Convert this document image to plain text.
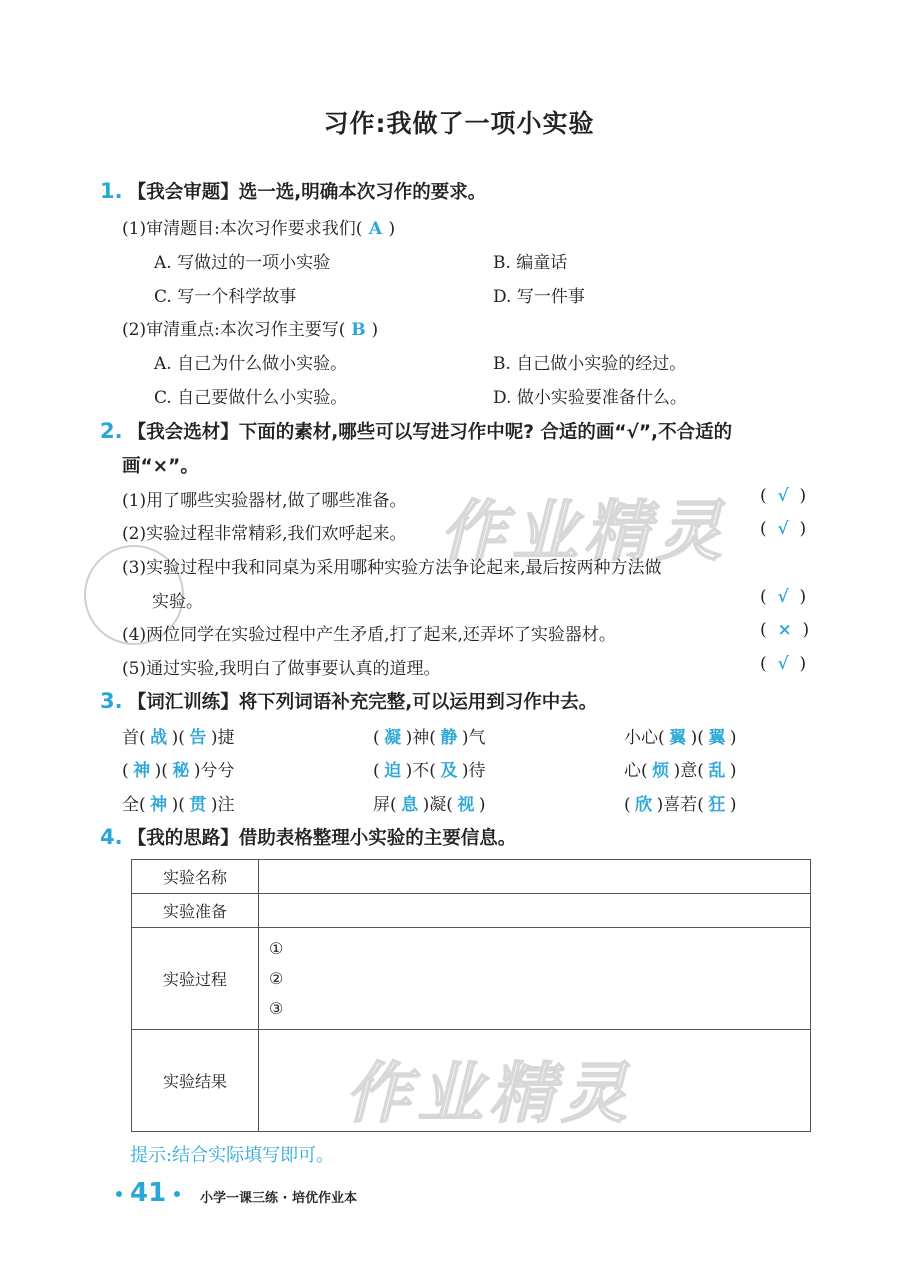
作业精灵
作业精灵
习作:我做了一项小实验
1. 【我会审题】选一选,明确本次习作的要求。
(1)审清题目:本次习作要求我们( A )
A. 写做过的一项小实验	B. 编童话
C. 写一个科学故事	D. 写一件事
(2)审清重点:本次习作主要写( B )
A. 自己为什么做小实验。	B. 自己做小实验的经过。
C. 自己要做什么小实验。	D. 做小实验要准备什么。
2. 【我会选材】下面的素材,哪些可以写进习作中呢? 合适的画“√”,不合适的
画“×”。
(1)用了哪些实验器材,做了哪些准备。	(  √  )
(2)实验过程非常精彩,我们欢呼起来。	(  √  )
(3)实验过程中我和同桌为采用哪种实验方法争论起来,最后按两种方法做
实验。	(  √  )
(4)两位同学在实验过程中产生矛盾,打了起来,还弄坏了实验器材。	(  ×  )
(5)通过实验,我明白了做事要认真的道理。	(  √  )
3. 【词汇训练】将下列词语补充完整,可以运用到习作中去。
首( 战 )( 告 )捷	( 凝 )神( 静 )气	小心( 翼 )( 翼 )
( 神 )( 秘 )兮兮	( 迫 )不( 及 )待	心( 烦 )意( 乱 )
全( 神 )( 贯 )注	屏( 息 )凝( 视 )	( 欣 )喜若( 狂 )
4. 【我的思路】借助表格整理小实验的主要信息。
实验名称	
实验准备	
实验过程	①
②
③

实验结果	
提示:结合实际填写即可。
41	小学一课三练 · 培优作业本
